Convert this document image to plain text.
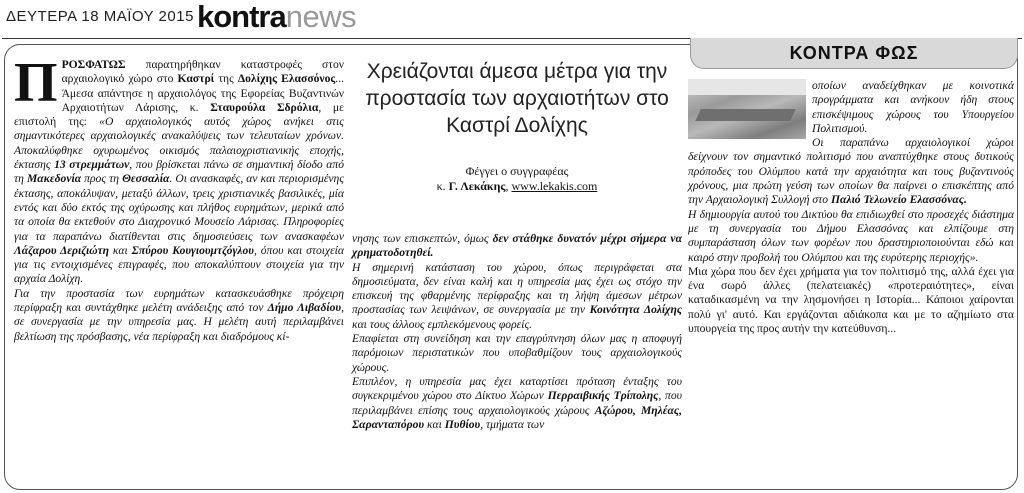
ΔΕΥΤΕΡΑ 18 ΜΑΪΟΥ 2015 kontranews
ΚΟΝΤΡΑ ΦΩΣ
Π ΡΟΣΦΑΤΩΣ παρατηρήθηκαν καταστροφές στον αρχαιολογικό χώρο στο Καστρί της Δολίχης Ελασσόνος... Άμεσα απάντησε η αρχαιολόγος της Εφορείας Βυζαντινών Αρχαιοτήτων Λάρισης, κ. Σταυρούλα Σδρόλια, με επιστολή της: «Ο αρχαιολογικός αυτός χώρος ανήκει στις σημαντικότερες αρχαιολογικές ανακαλύψεις των τελευταίων χρόνων. Αποκαλύφθηκε οχυρωμένος οικισμός παλαιοχριστιανικής εποχής, έκτασης 13 στρεμμάτων, που βρίσκεται πάνω σε σημαντική δίοδο από τη Μακεδονία προς τη Θεσσαλία. Οι ανασκαφές, αν και περιορισμένης έκτασης, αποκάλυψαν, μεταξύ άλλων, τρεις χριστιανικές βασιλικές, μία εντός και δύο εκτός της οχύρωσης και πλήθος ευρημάτων, μερικά από τα οποία θα εκτεθούν στο Διαχρονικό Μουσείο Λάρισας. Πληροφορίες για τα παραπάνω διατίθενται στις δημοσιεύσεις των ανασκαφέων Λάζαρου Δεριζιώτη και Σπύρου Κουγιουμτζόγλου, όπου και στοιχεία για τις εντοιχισμένες επιγραφές, που αποκαλύπτουν στοιχεία για την αρχαία Δολίχη.

Για την προστασία των ευρημάτων κατασκευάσθηκε πρόχειρη περίφραξη και συντάχθηκε μελέτη ανάδειξης από τον Δήμο Λιβαδίου, σε συνεργασία με την υπηρεσία μας. Η μελέτη αυτή περιλαμβάνει βελτίωση της πρόσβασης, νέα περίφραξη και διαδρόμους κί-

Χρειάζονται άμεσα μέτρα για την προστασία των αρχαιοτήτων στο Καστρί Δολίχης
Φέγγει ο συγγραφέας
κ. Γ. Λεκάκης, www.lekakis.com

νησης των επισκεπτών, όμως δεν στάθηκε δυνατόν μέχρι σήμερα να χρηματοδοτηθεί.

Η σημερινή κατάσταση του χώρου, όπως περιγράφεται στα δημοσιεύματα, δεν είναι καλή και η υπηρεσία μας έχει ως στόχο την επισκευή της φθαρμένης περίφραξης και τη λήψη άμεσων μέτρων προστασίας των λειψάνων, σε συνεργασία με την Κοινότητα Δολίχης και τους άλλους εμπλεκόμενους φορείς.

Επαφίεται στη συνείδηση και την επαγρύπνηση όλων μας η αποφυγή παρόμοιων περιστατικών που υποβαθμίζουν τους αρχαιολογικούς χώρους.

Επιπλέον, η υπηρεσία μας έχει καταρτίσει πρόταση ένταξης του συγκεκριμένου χώρου στο Δίκτυο Χώρων Περραιβικής Τρίπολης, που περιλαμβάνει επίσης τους αρχαιολογικούς χώρους Αζώρου, Μηλέας, Σαρανταπόρου και Πυθίου, τμήματα των

οποίων αναδείχθηκαν με κοινοτικά προγράμματα και ανήκουν ήδη στους επισκέψιμους χώρους του Υπουργείου Πολιτισμού.

Οι παραπάνω αρχαιολογικοί χώροι δείχνουν τον σημαντικό πολιτισμό που αναπτύχθηκε στους δυτικούς πρόποδες του Ολύμπου κατά την αρχαιότητα και τους βυζαντινούς χρόνους, μια πρώτη γεύση των οποίων θα παίρνει ο επισκέπτης από την Αρχαιολογική Συλλογή στο Παλιό Τελωνείο Ελασσόνας.

Η δημιουργία αυτού του Δικτύου θα επιδιωχθεί στο προσεχές διάστημα με τη συνεργασία του Δήμου Ελασσόνας και ελπίζουμε στη συμπαράσταση όλων των φορέων που δραστηριοποιούνται εδώ και καιρό στην προβολή του Ολύμπου και της ευρύτερης περιοχής».

Μια χώρα που δεν έχει χρήματα για τον πολιτισμό της, αλλά έχει για ένα σωρό άλλες (πελατειακές) «προτεραιότητες», είναι καταδικασμένη να την λησμονήσει η Ιστορία... Κάποιοι χαίρονται πολύ γι' αυτό. Και εργάζονται αδιάκοπα και με το αζημίωτο στα υπουργεία της προς αυτήν την κατεύθυνση...
